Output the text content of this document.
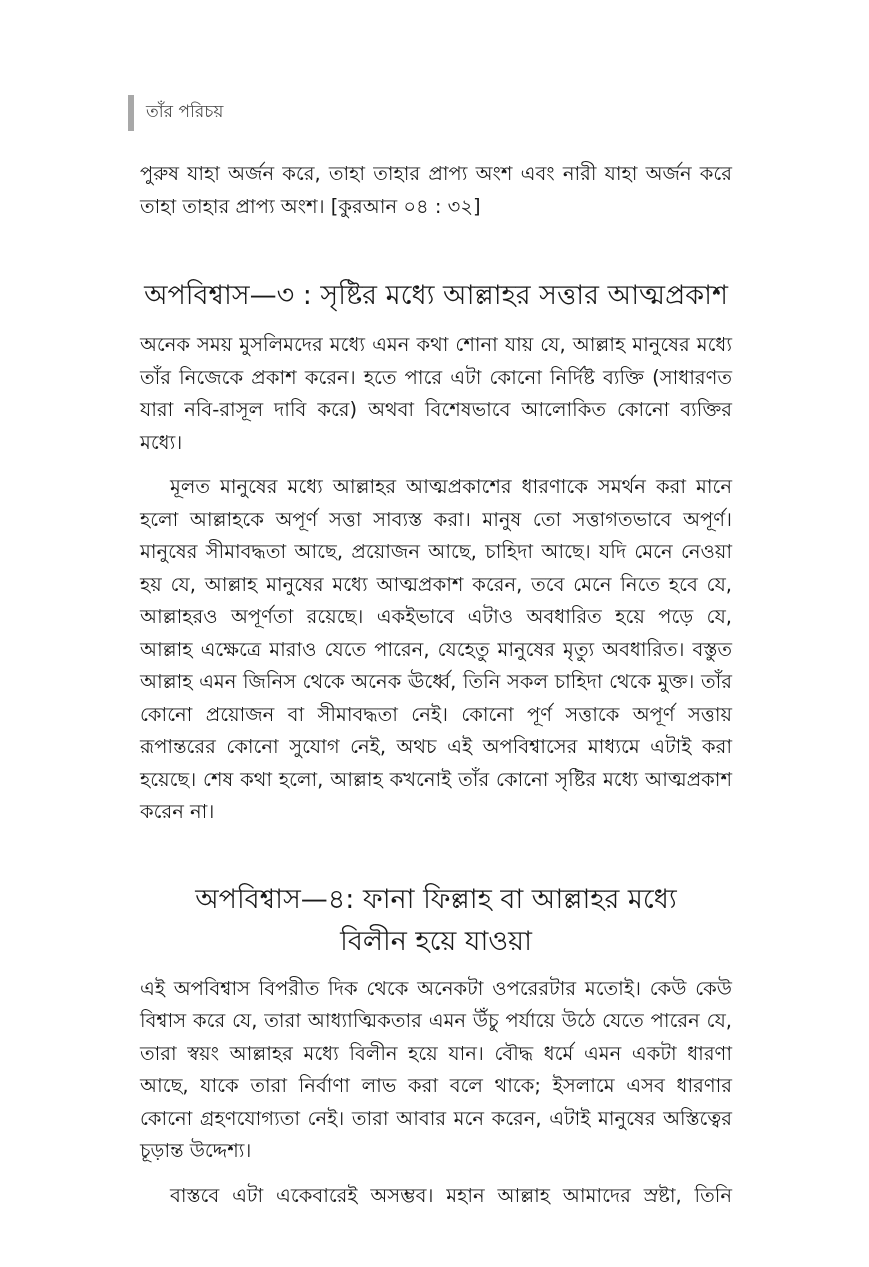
তাঁর পরিচয়

পুরুষ যাহা অর্জন করে, তাহা তাহার প্রাপ্য অংশ এবং নারী যাহা অর্জন করে তাহা তাহার প্রাপ্য অংশ। [কুরআন ০৪ : ৩২]

অপবিশ্বাস—৩ : সৃষ্টির মধ্যে আল্লাহর সত্তার আত্মপ্রকাশ

অনেক সময় মুসলিমদের মধ্যে এমন কথা শোনা যায় যে, আল্লাহ মানুষের মধ্যে তাঁর নিজেকে প্রকাশ করেন। হতে পারে এটা কোনো নির্দিষ্ট ব্যক্তি (সাধারণত যারা নবি-রাসূল দাবি করে) অথবা বিশেষভাবে আলোকিত কোনো ব্যক্তির মধ্যে।

মূলত মানুষের মধ্যে আল্লাহর আত্মপ্রকাশের ধারণাকে সমর্থন করা মানে হলো আল্লাহকে অপূর্ণ সত্তা সাব্যস্ত করা। মানুষ তো সত্তাগতভাবে অপূর্ণ। মানুষের সীমাবদ্ধতা আছে, প্রয়োজন আছে, চাহিদা আছে। যদি মেনে নেওয়া হয় যে, আল্লাহ মানুষের মধ্যে আত্মপ্রকাশ করেন, তবে মেনে নিতে হবে যে, আল্লাহরও অপূর্ণতা রয়েছে। একইভাবে এটাও অবধারিত হয়ে পড়ে যে, আল্লাহ এক্ষেত্রে মারাও যেতে পারেন, যেহেতু মানুষের মৃত্যু অবধারিত। বস্তুত আল্লাহ এমন জিনিস থেকে অনেক ঊর্ধ্বে, তিনি সকল চাহিদা থেকে মুক্ত। তাঁর কোনো প্রয়োজন বা সীমাবদ্ধতা নেই। কোনো পূর্ণ সত্তাকে অপূর্ণ সত্তায় রূপান্তরের কোনো সুযোগ নেই, অথচ এই অপবিশ্বাসের মাধ্যমে এটাই করা হয়েছে। শেষ কথা হলো, আল্লাহ কখনোই তাঁর কোনো সৃষ্টির মধ্যে আত্মপ্রকাশ করেন না।

অপবিশ্বাস—৪: ফানা ফিল্লাহ বা আল্লাহর মধ্যে
বিলীন হয়ে যাওয়া

এই অপবিশ্বাস বিপরীত দিক থেকে অনেকটা ওপরেরটার মতোই। কেউ কেউ বিশ্বাস করে যে, তারা আধ্যাত্মিকতার এমন উঁচু পর্যায়ে উঠে যেতে পারেন যে, তারা স্বয়ং আল্লাহর মধ্যে বিলীন হয়ে যান। বৌদ্ধ ধর্মে এমন একটা ধারণা আছে, যাকে তারা নির্বাণা লাভ করা বলে থাকে; ইসলামে এসব ধারণার কোনো গ্রহণযোগ্যতা নেই। তারা আবার মনে করেন, এটাই মানুষের অস্তিত্বের চূড়ান্ত উদ্দেশ্য।

বাস্তবে এটা একেবারেই অসম্ভব। মহান আল্লাহ আমাদের স্রষ্টা, তিনি
